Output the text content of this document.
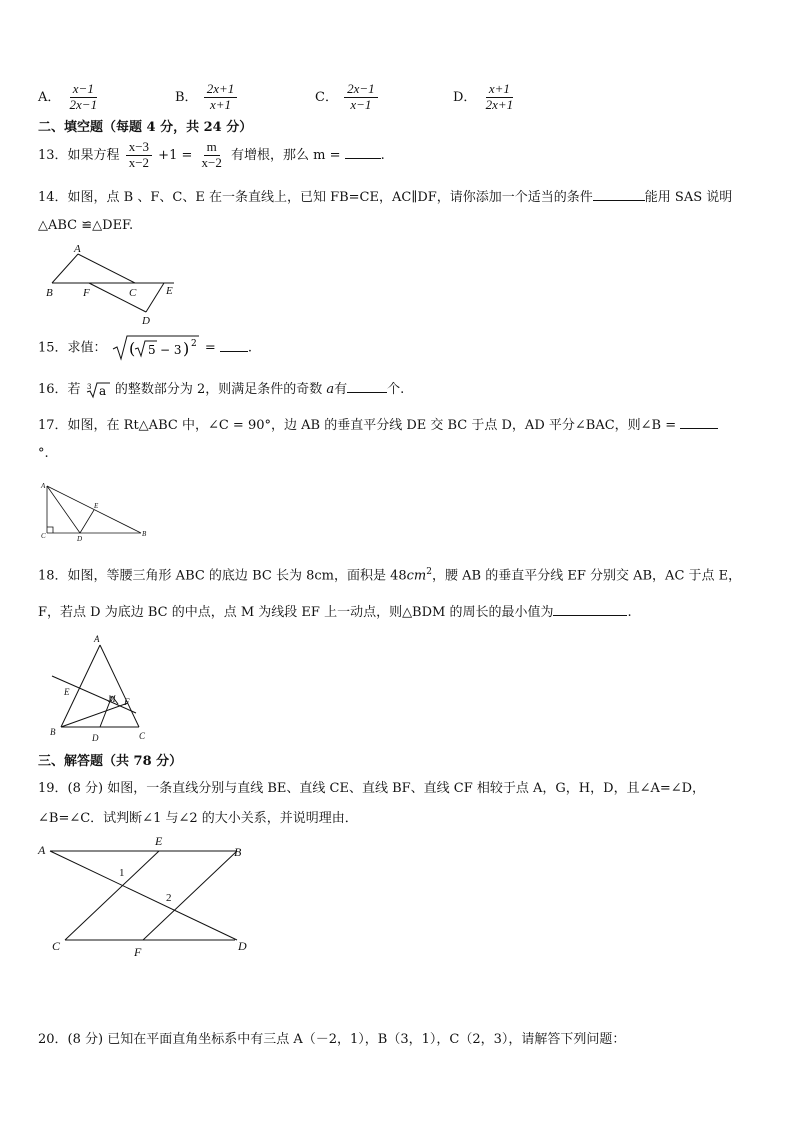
A． $\frac{x-1}{2x-1}$	B． $\frac{2x+1}{x+1}$	C． $\frac{2x-1}{x-1}$	D． $\frac{x+1}{2x+1}$
二、填空题（每题 4 分，共 24 分）
13．如果方程 $\frac{x-3}{x-2} +1 = \frac{m}{x-2}$ 有增根，那么 m =	.
14．如图，点 B 、F、C、E 在一条直线上，已知 FB=CE，AC∥DF，请你添加一个适当的条件	能用 SAS 说明
△ABC ≌△DEF.
A
B	F	C	E
D
15．求值： ( 5 − 3 ) 2 = .
16．若 3 a 的整数部分为 2，则满足条件的奇数 a有	个.
17．如图，在 Rt△ABC 中，∠C = 90°，边 AB 的垂直平分线 DE 交 BC 于点 D，AD 平分∠BAC，则∠B =
°.
A
C	D
E
B
18．如图，等腰三角形 ABC 的底边 BC 长为 8cm，面积是 $48cm^2$，腰 AB 的垂直平分线 EF 分别交 AB，AC 于点 E，
F，若点 D 为底边 BC 的中点，点 M 为线段 EF 上一动点，则△BDM 的周长的最小值为	.
A
E
M F
B
D	C
三、解答题（共 78 分）
19．(8 分) 如图，一条直线分别与直线 BE、直线 CE、直线 BF、直线 CF 相较于点 A，G，H，D，且∠A=∠D，
∠B=∠C．试判断∠1 与∠2 的大小关系，并说明理由．
A
E
B
1
2
C	F	D
20．(8 分) 已知在平面直角坐标系中有三点 A（－2，1），B（3，1），C（2，3），请解答下列问题：
